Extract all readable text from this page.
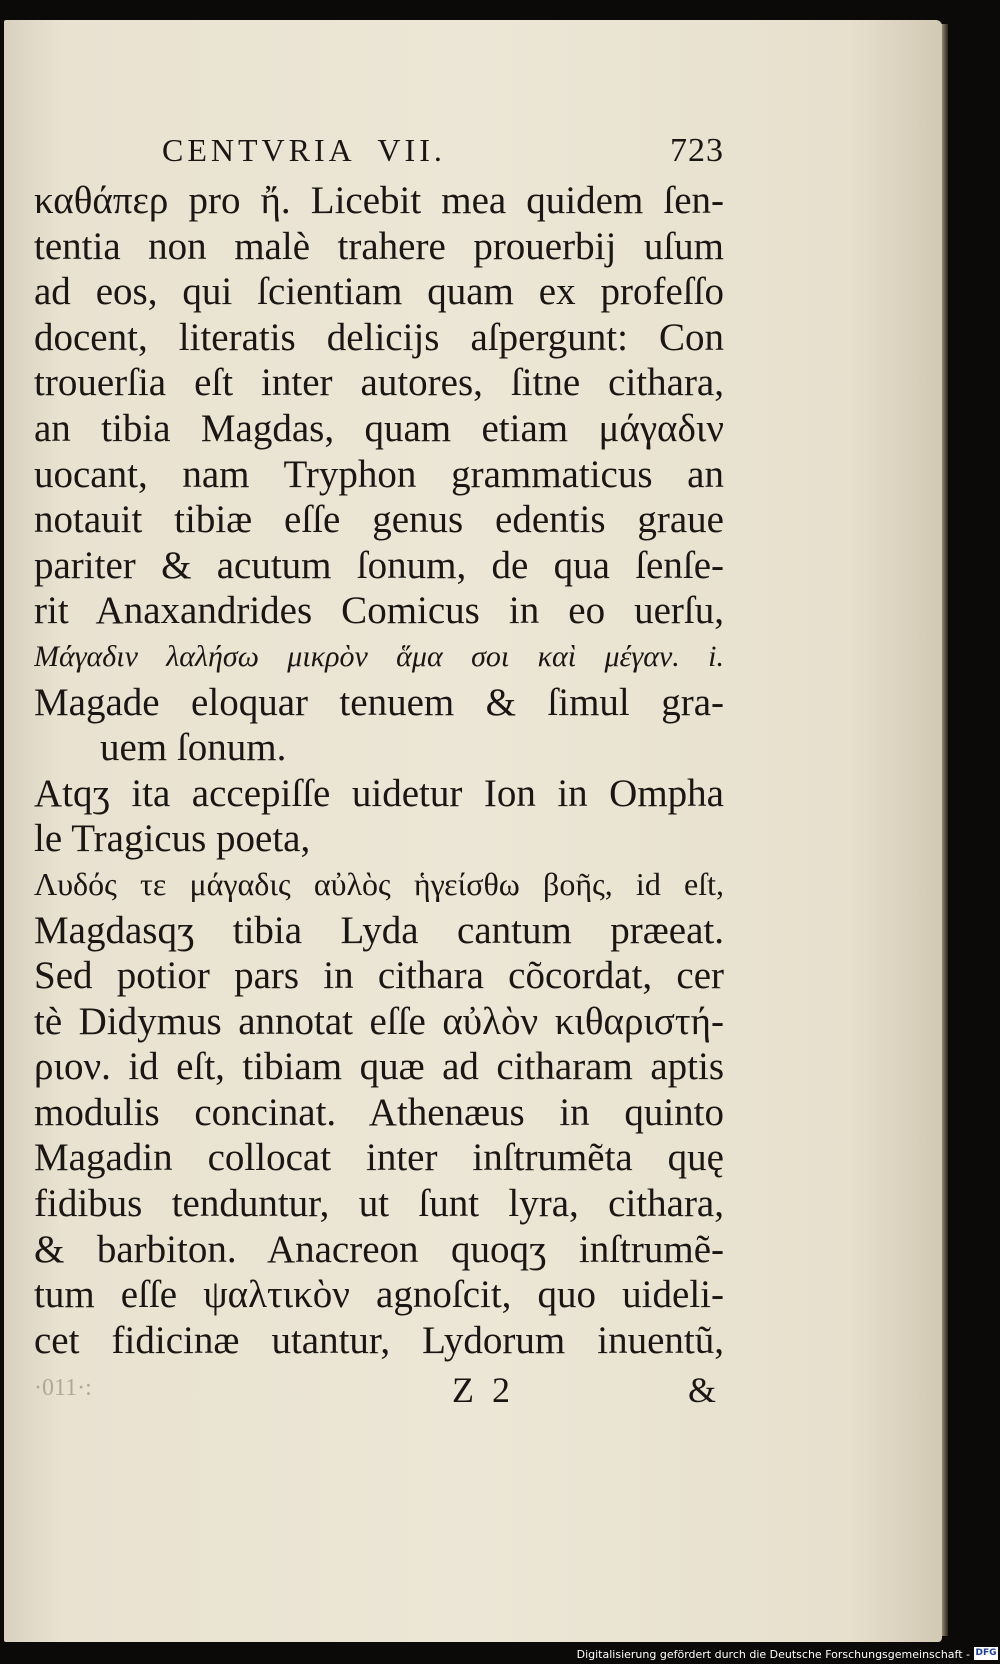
CENTVRIA  VII.	723
καθάπερ pro ἤ. Licebit mea quidem ſen-
tentia non malè trahere prouerbij uſum
ad eos, qui ſcientiam quam ex profeſſo
docent, literatis delicijs aſpergunt: Con
trouerſia eſt inter autores, ſitne cithara,
an tibia Magdas, quam etiam μάγαδιν
uocant, nam Tryphon grammaticus an
notauit tibiæ eſſe genus edentis graue
pariter & acutum ſonum, de qua ſenſe-
rit Anaxandrides Comicus in eo uerſu,
Μάγαδιν λαλήσω μικρὸν ἅμα σοι καὶ μέγαν. i.
Magade eloquar tenuem & ſimul gra-
uem ſonum.
Atqʒ ita accepiſſe uidetur Ion in Ompha
le Tragicus poeta,
Λυδός τε μάγαδις αὐλὸς ἡγείσθω βοῆς, id eſt,
Magdasqʒ tibia Lyda cantum præeat.
Sed potior pars in cithara cõcordat, cer
tè Didymus annotat eſſe αὐλὸν κιθαριστή-
ριον. id eſt, tibiam quæ ad citharam aptis
modulis concinat. Athenæus in quinto
Magadin collocat inter inſtrumẽta quę
fidibus tenduntur, ut ſunt lyra, cithara,
& barbiton. Anacreon quoqʒ inſtrumẽ-
tum eſſe ψαλτικὸν agnoſcit, quo uideli-
cet fidicinæ utantur, Lydorum inuentũ,
·011·:	Z  2	&
Digitalisierung gefördert durch die Deutsche Forschungsgemeinschaft - DFG
